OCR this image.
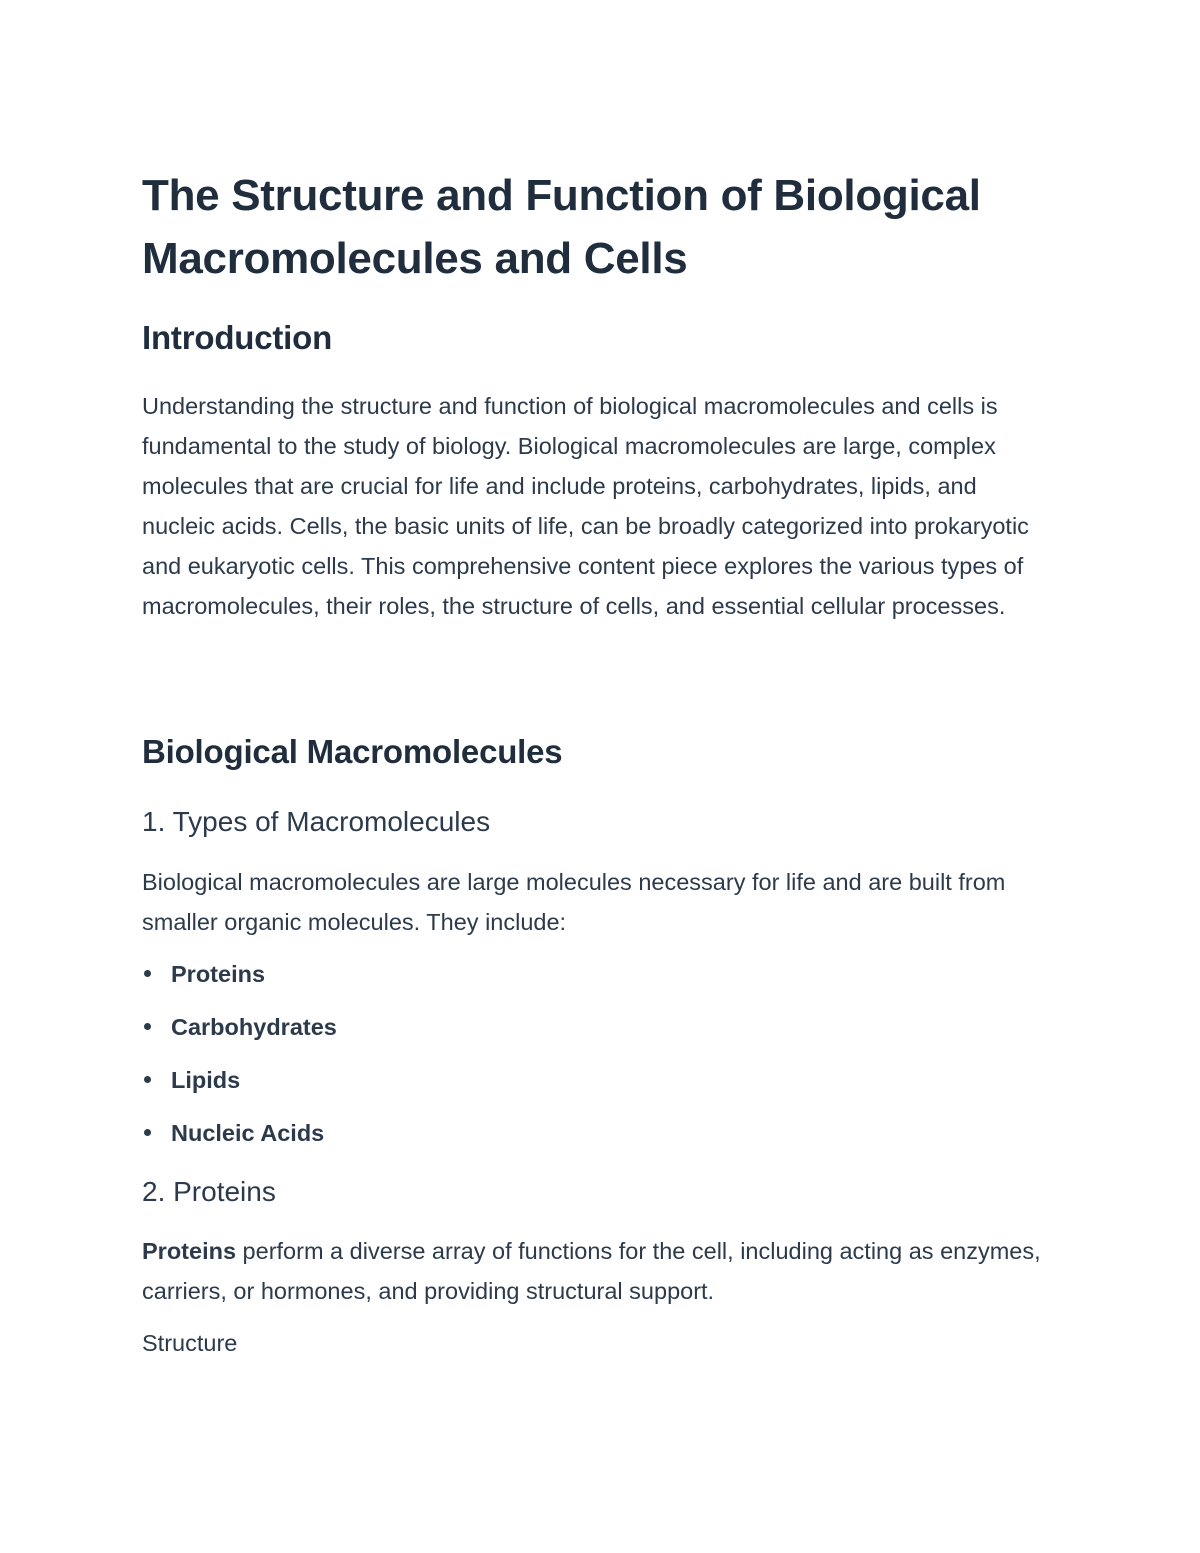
The Structure and Function of Biological Macromolecules and Cells
Introduction

Understanding the structure and function of biological macromolecules and cells is fundamental to the study of biology. Biological macromolecules are large, complex molecules that are crucial for life and include proteins, carbohydrates, lipids, and nucleic acids. Cells, the basic units of life, can be broadly categorized into prokaryotic and eukaryotic cells. This comprehensive content piece explores the various types of macromolecules, their roles, the structure of cells, and essential cellular processes.

Biological Macromolecules
1. Types of Macromolecules

Biological macromolecules are large molecules necessary for life and are built from smaller organic molecules. They include:

Proteins
Carbohydrates
Lipids
Nucleic Acids
2. Proteins

Proteins perform a diverse array of functions for the cell, including acting as enzymes, carriers, or hormones, and providing structural support.

Structure
